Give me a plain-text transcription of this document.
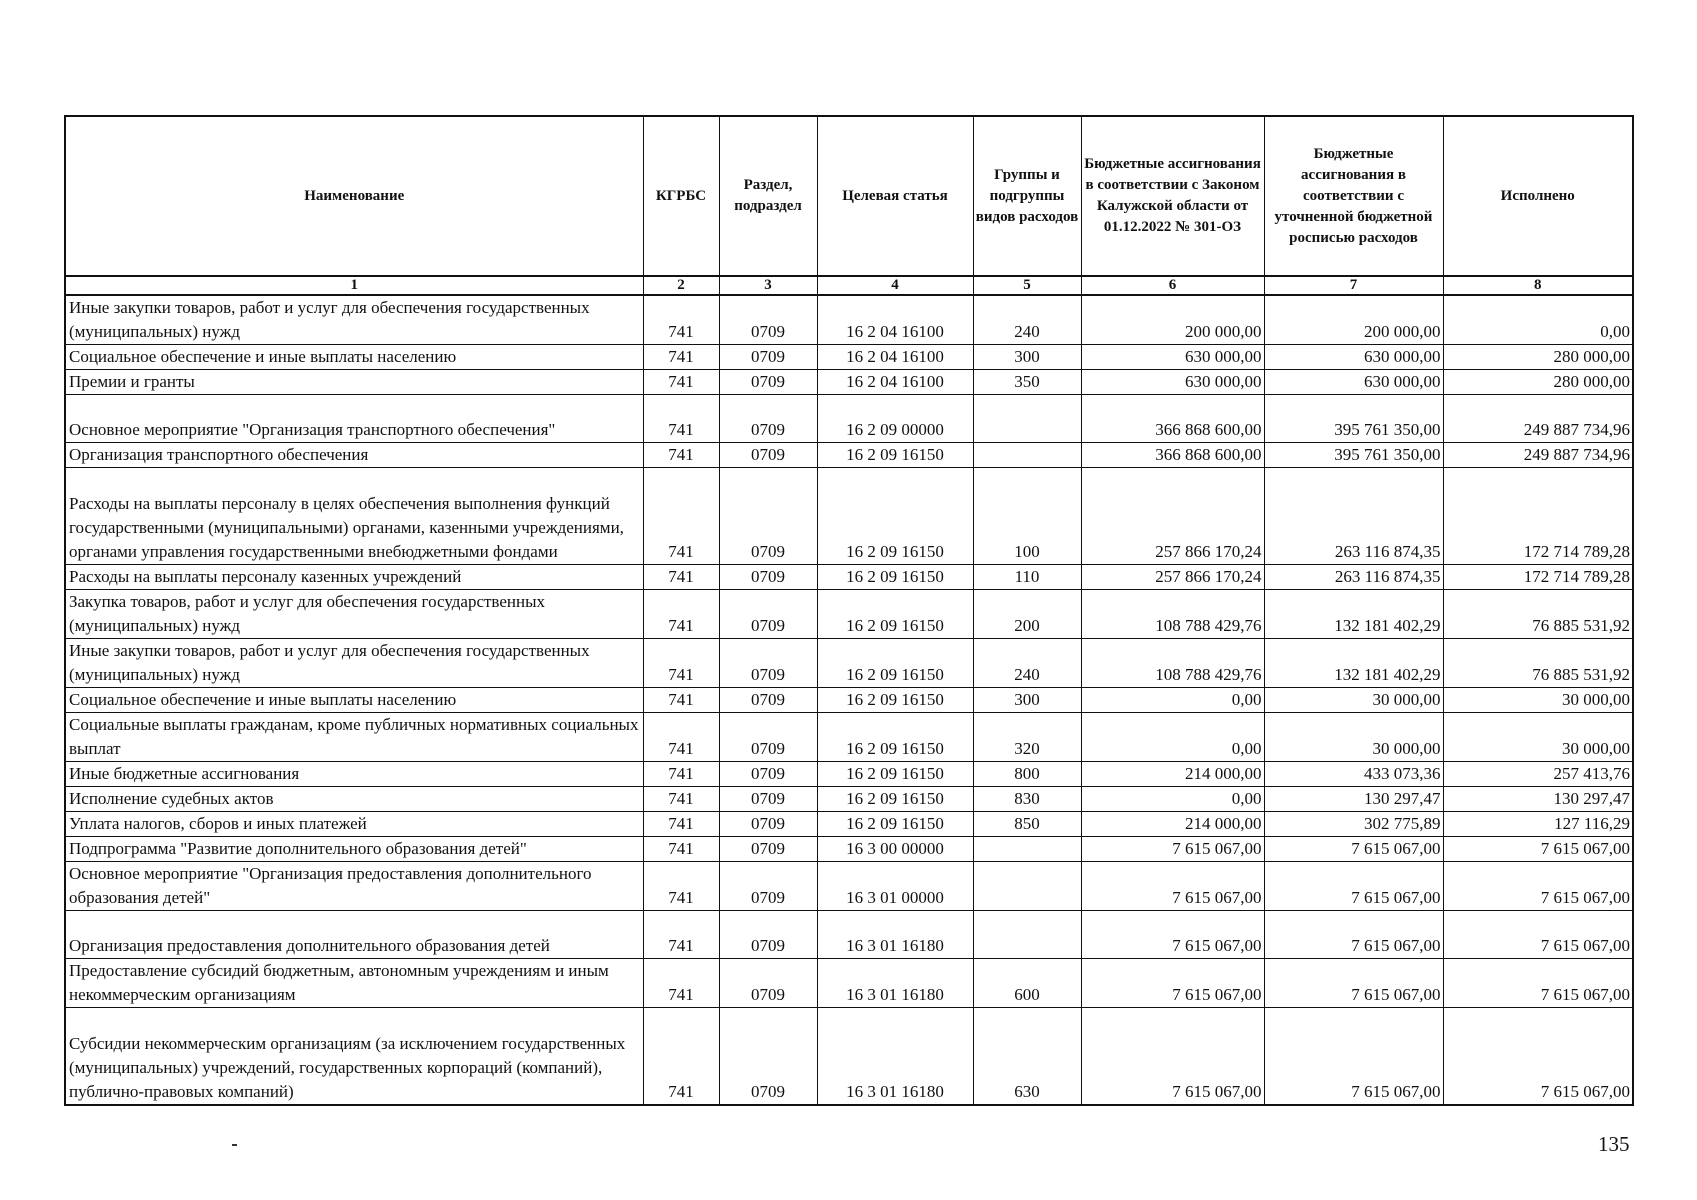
Наименование	КГРБС	Раздел, подраздел	Целевая статья	Группы и подгруппы видов расходов	Бюджетные ассигнования в соответствии с Законом Калужской области от 01.12.2022 № 301-ОЗ	Бюджетные ассигнования в соответствии с уточненной бюджетной росписью расходов	Исполнено
1	2	3	4	5	6	7	8
Иные закупки товаров, работ и услуг для обеспечения государственных (муниципальных) нужд	741	0709	16 2 04 16100	240	200 000,00	200 000,00	0,00
Социальное обеспечение и иные выплаты населению	741	0709	16 2 04 16100	300	630 000,00	630 000,00	280 000,00
Премии и гранты	741	0709	16 2 04 16100	350	630 000,00	630 000,00	280 000,00
Основное мероприятие "Организация транспортного обеспечения"	741	0709	16 2 09 00000		366 868 600,00	395 761 350,00	249 887 734,96
Организация транспортного обеспечения	741	0709	16 2 09 16150		366 868 600,00	395 761 350,00	249 887 734,96
Расходы на выплаты персоналу в целях обеспечения выполнения функций государственными (муниципальными) органами, казенными учреждениями, органами управления государственными внебюджетными фондами	741	0709	16 2 09 16150	100	257 866 170,24	263 116 874,35	172 714 789,28
Расходы на выплаты персоналу казенных учреждений	741	0709	16 2 09 16150	110	257 866 170,24	263 116 874,35	172 714 789,28
Закупка товаров, работ и услуг для обеспечения государственных (муниципальных) нужд	741	0709	16 2 09 16150	200	108 788 429,76	132 181 402,29	76 885 531,92
Иные закупки товаров, работ и услуг для обеспечения государственных (муниципальных) нужд	741	0709	16 2 09 16150	240	108 788 429,76	132 181 402,29	76 885 531,92
Социальное обеспечение и иные выплаты населению	741	0709	16 2 09 16150	300	0,00	30 000,00	30 000,00
Социальные выплаты гражданам, кроме публичных нормативных социальных выплат	741	0709	16 2 09 16150	320	0,00	30 000,00	30 000,00
Иные бюджетные ассигнования	741	0709	16 2 09 16150	800	214 000,00	433 073,36	257 413,76
Исполнение судебных актов	741	0709	16 2 09 16150	830	0,00	130 297,47	130 297,47
Уплата налогов, сборов и иных платежей	741	0709	16 2 09 16150	850	214 000,00	302 775,89	127 116,29
Подпрограмма "Развитие дополнительного образования детей"	741	0709	16 3 00 00000		7 615 067,00	7 615 067,00	7 615 067,00
Основное мероприятие "Организация предоставления дополнительного образования детей"	741	0709	16 3 01 00000		7 615 067,00	7 615 067,00	7 615 067,00
Организация предоставления дополнительного образования детей	741	0709	16 3 01 16180		7 615 067,00	7 615 067,00	7 615 067,00
Предоставление субсидий бюджетным, автономным учреждениям и иным некоммерческим организациям	741	0709	16 3 01 16180	600	7 615 067,00	7 615 067,00	7 615 067,00
Субсидии некоммерческим организациям (за исключением государственных (муниципальных) учреждений, государственных корпораций (компаний), публично-правовых компаний)	741	0709	16 3 01 16180	630	7 615 067,00	7 615 067,00	7 615 067,00
135
